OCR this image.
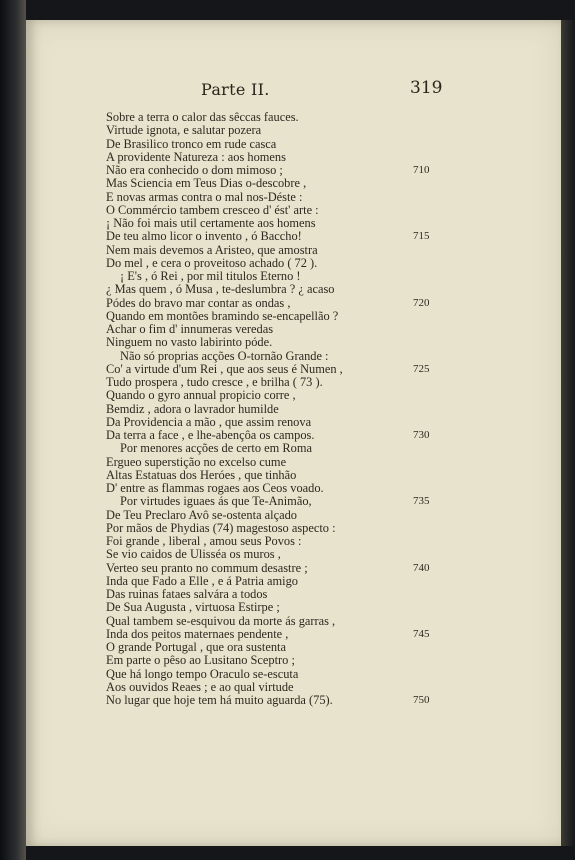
Parte II.	319
Sobre a terra o calor das sêccas fauces.
Virtude ignota, e salutar pozera
De Brasilico tronco em rude casca
A providente Natureza : aos homens
Não era conhecido o dom mimoso ;	710
Mas Sciencia em Teus Dias o-descobre ,
E novas armas contra o mal nos-Déste :
O Commércio tambem cresceo d' ést' arte :
¡ Não foi mais util certamente aos homens
De teu almo licor o invento , ó Baccho!	715
Nem mais devemos a Aristeo, que amostra
Do mel , e cera o proveitoso achado ( 72 ).
¡ E's , ó Rei , por mil titulos Eterno !
¿ Mas quem , ó Musa , te-deslumbra ? ¿ acaso
Pódes do bravo mar contar as ondas ,	720
Quando em montões bramindo se-encapellão ?
Achar o fim d' innumeras veredas
Ninguem no vasto labirinto póde.
Não só proprias acções O-tornão Grande :
Co' a virtude d'um Rei , que aos seus é Numen ,	725
Tudo prospera , tudo cresce , e brilha ( 73 ).
Quando o gyro annual propicio corre ,
Bemdiz , adora o lavrador humilde
Da Providencia a mão , que assim renova
Da terra a face , e lhe-abençôa os campos.	730
Por menores acções de certo em Roma
Ergueo superstição no excelso cume
Altas Estatuas dos Heróes , que tinhão
D' entre as flammas rogaes aos Ceos voado.
Por virtudes iguaes ás que Te-Animão,	735
De Teu Preclaro Avô se-ostenta alçado
Por mãos de Phydias (74) magestoso aspecto :
Foi grande , liberal , amou seus Povos :
Se vio caidos de Ulisséa os muros ,
Verteo seu pranto no commum desastre ;	740
Inda que Fado a Elle , e á Patria amigo
Das ruinas fataes salvára a todos
De Sua Augusta , virtuosa Estirpe ;
Qual tambem se-esquivou da morte ás garras ,
Inda dos peitos maternaes pendente ,	745
O grande Portugal , que ora sustenta
Em parte o pêso ao Lusitano Sceptro ;
Que há longo tempo Oraculo se-escuta
Aos ouvidos Reaes ; e ao qual virtude
No lugar que hoje tem há muito aguarda (75).	750
